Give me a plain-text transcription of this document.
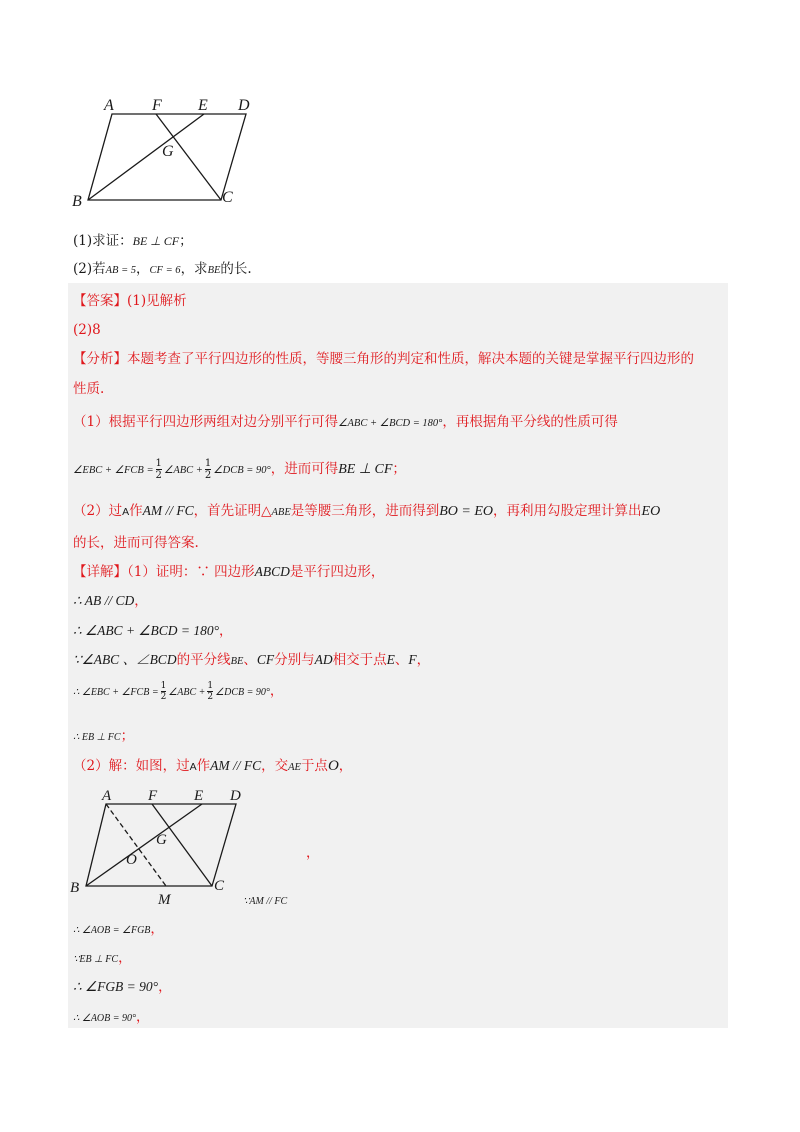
A F E D
G
B	C
(1)求证：BE ⊥ CF；
(2)若AB = 5，CF = 6，求BE的长.
【答案】(1)见解析
(2)8
【分析】本题考查了平行四边形的性质，等腰三角形的判定和性质，解决本题的关键是掌握平行四边形的
性质.
（1）根据平行四边形两组对边分别平行可得∠ABC + ∠BCD = 180°，再根据角平分线的性质可得
∠EBC + ∠FCB = $\frac{1}{2}$ ∠ABC + $\frac{1}{2}$ ∠DCB = 90°，进而可得BE ⊥ CF；
（2）过A作AM // FC，首先证明△ABE是等腰三角形，进而得到BO = EO，再利用勾股定理计算出EO
的长，进而可得答案.
【详解】（1）证明：∵ 四边形ABCD是平行四边形，
∴ AB // CD，
∴ ∠ABC + ∠BCD = 180°，
∵∠ABC 、∠BCD的平分线BE、CF分别与AD相交于点E、F，
∴ ∠EBC + ∠FCB = $\frac{1}{2}$ ∠ABC + $\frac{1}{2}$ ∠DCB = 90°，
∴ EB ⊥ FC；
（2）解：如图，过A作AM // FC，交AE于点O，
A F E D
G
O
B
M
C
，
∵AM // FC
∴ ∠AOB = ∠FGB，
∵EB ⊥ FC，
∴ ∠FGB = 90°，
∴ ∠AOB = 90°，
